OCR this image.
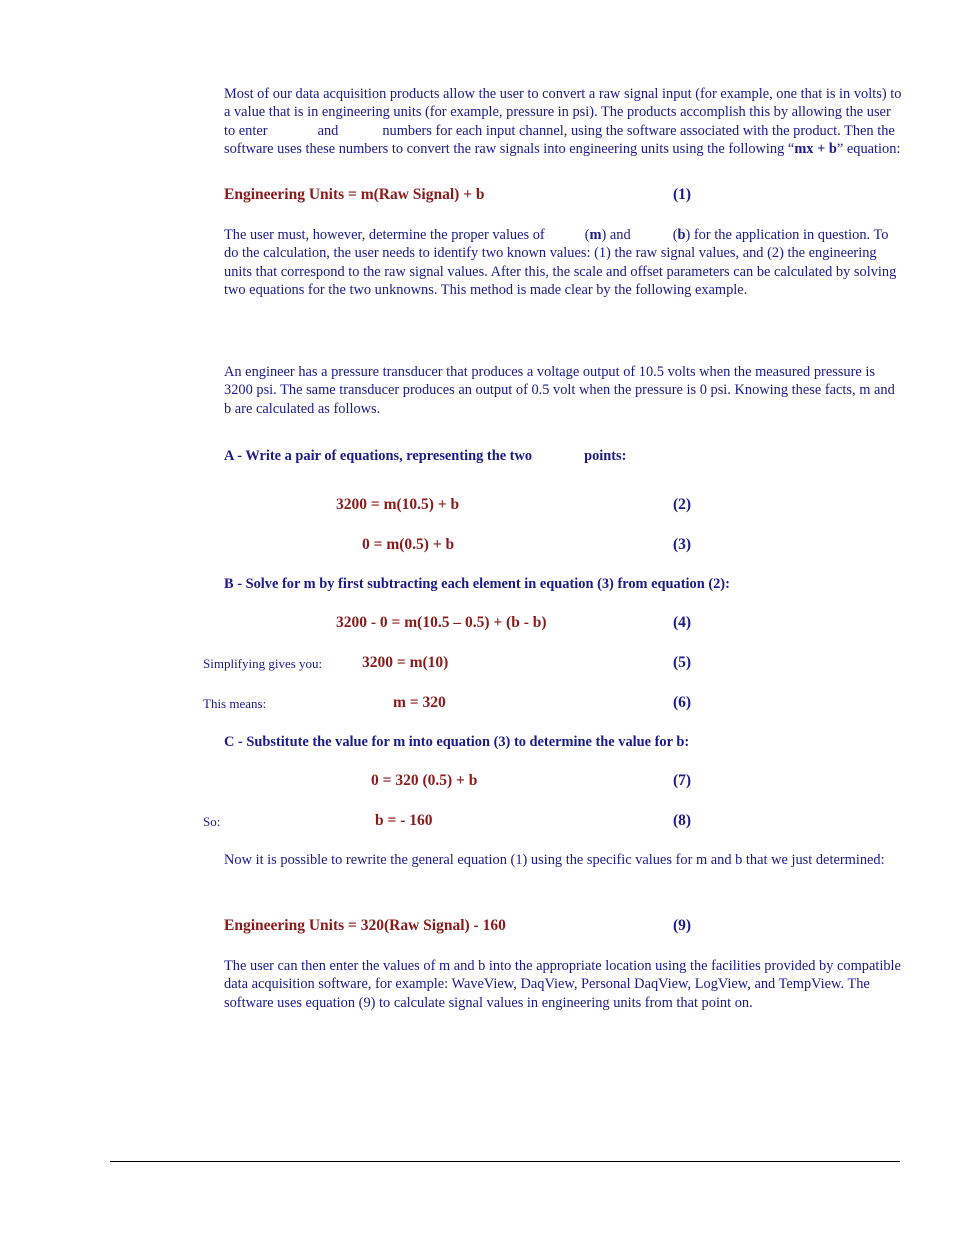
Most of our data acquisition products allow the user to convert a raw signal input (for example, one that is in volts) to a value that is in engineering units (for example, pressure in psi). The products accomplish this by allowing the user to enter	and	numbers for each input channel, using the software associated with the product. Then the software uses these numbers to convert the raw signals into engineering units using the following “mx + b” equation:

Engineering Units = m(Raw Signal) + b	(1)

The user must, however, determine the proper values of	(m) and	(b) for the application in question. To do the calculation, the user needs to identify two known values: (1) the raw signal values, and (2) the engineering units that correspond to the raw signal values. After this, the scale and offset parameters can be calculated by solving two equations for the two unknowns. This method is made clear by the following example.

An engineer has a pressure transducer that produces a voltage output of 10.5 volts when the measured pressure is 3200 psi. The same transducer produces an output of 0.5 volt when the pressure is 0 psi. Knowing these facts, m and b are calculated as follows.

A - Write a pair of equations, representing the two	points:
3200 = m(10.5) + b	(2)
0 = m(0.5) + b	(3)
B - Solve for m by first subtracting each element in equation (3) from equation (2):
3200 - 0 = m(10.5 – 0.5) + (b - b)	(4)
Simplifying gives you:	3200 = m(10)	(5)
This means:	m = 320	(6)
C - Substitute the value for m into equation (3) to determine the value for b:
0 = 320 (0.5) + b	(7)
So:	b = - 160	(8)

Now it is possible to rewrite the general equation (1) using the specific values for m and b that we just determined:

Engineering Units = 320(Raw Signal) - 160	(9)

The user can then enter the values of m and b into the appropriate location using the facilities provided by compatible data acquisition software, for example: WaveView, DaqView, Personal DaqView, LogView, and TempView. The software uses equation (9) to calculate signal values in engineering units from that point on.
